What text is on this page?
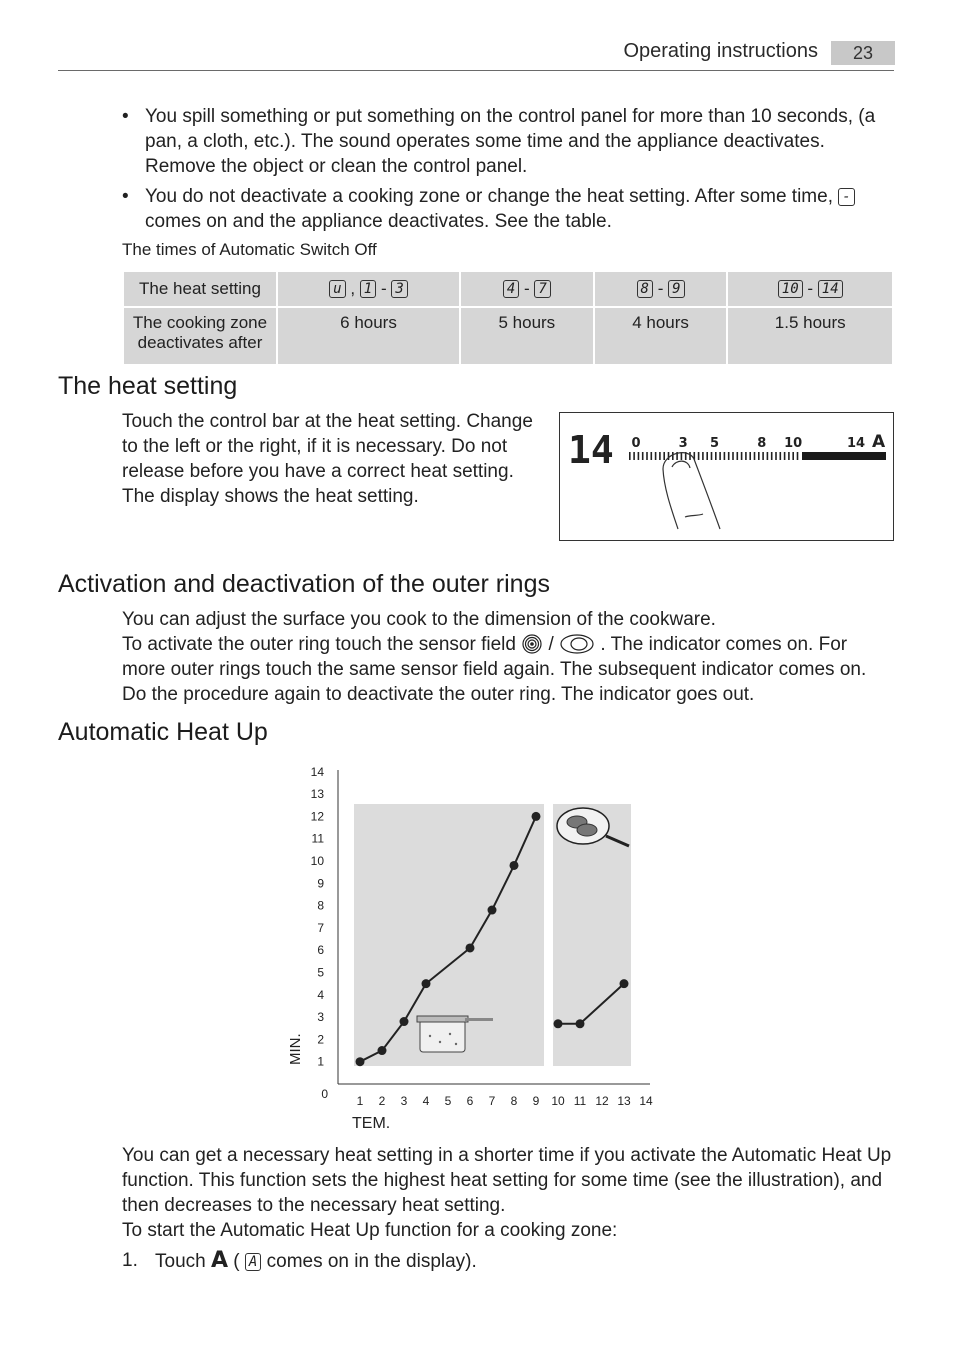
Operating instructions	23
• You spill something or put something on the control panel for more than 10 seconds, (a pan, a cloth, etc.). The sound operates some time and the appliance deactivates. Remove the object or clean the control panel.
• You do not deactivate a cooking zone or change the heat setting. After some time, - comes on and the appliance deactivates. See the table.
The times of Automatic Switch Off
The heat setting	u , 1 - 3	4 - 7	8 - 9	10 - 14
The cooking zone deactivates after	6 hours	5 hours	4 hours	1.5 hours
The heat setting
Touch the control bar at the heat setting. Change to the left or the right, if it is necessary. Do not release before you have a correct heat setting. The display shows the heat setting.
14 0	3 5	8 10	14 A
Activation and deactivation of the outer rings
You can adjust the surface you cook to the dimension of the cookware.
To activate the outer ring touch the sensor field / . The indicator comes on. For
more outer rings touch the same sensor field again. The subsequent indicator comes on.
Do the procedure again to deactivate the outer ring. The indicator goes out.
Automatic Heat Up
0
1
2
3
4
5
6
7
8
9
10
11
12
13
14
1 2 3 4 5 6 7 8 9 10 11 12 13 14
MIN.
TEM.
You can get a necessary heat setting in a shorter time if you activate the Automatic Heat Up function. This function sets the highest heat setting for some time (see the illustration), and then decreases to the necessary heat setting.
To start the Automatic Heat Up function for a cooking zone:
1. Touch A ( A comes on in the display).
